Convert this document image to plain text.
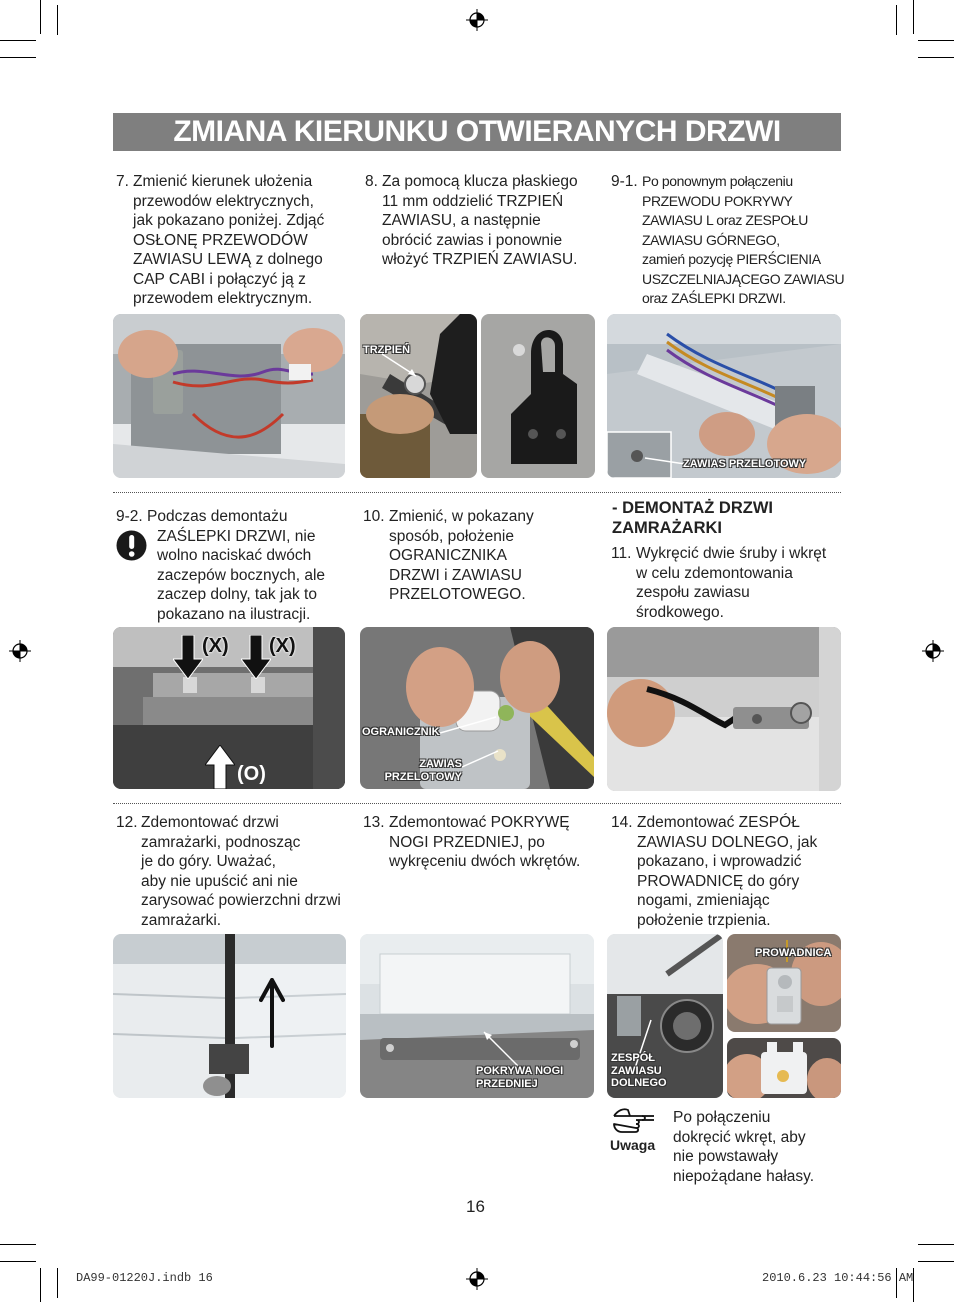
ZMIANA KIERUNKU OTWIERANYCH DRZWI
7. Zmienić kierunek ułożenia
przewodów elektrycznych,
jak pokazano poniżej. Zdjąć
OSŁONĘ PRZEWODÓW
ZAWIASU LEWĄ z dolnego
CAP CABI i połączyć ją z
przewodem elektrycznym.
8. Za pomocą klucza płaskiego
11 mm oddzielić TRZPIEŃ
ZAWIASU, a następnie
obrócić zawias i ponownie
włożyć TRZPIEŃ ZAWIASU.
9-1. Po ponownym połączeniu
PRZEWODU POKRYWY
ZAWIASU L oraz ZESPOŁU
ZAWIASU GÓRNEGO,
zamień pozycję PIERŚCIENIA
USZCZELNIAJĄCEGO ZAWIASU
oraz ZAŚLEPKI DRZWI.
ZAWIAS PRZELOTOWY
TRZPIEŃ
9-2. Podczas demontażu
ZAŚLEPKI DRZWI, nie
wolno naciskać dwóch
zaczepów bocznych, ale
zaczep dolny, tak jak to
pokazano na ilustracji.
10. Zmienić, w pokazany
sposób, położenie
OGRANICZNIKA
DRZWI i ZAWIASU
PRZELOTOWEGO.
- DEMONTAŻ DRZWI
ZAMRAŻARKI
11. Wykręcić dwie śruby i wkręt
w celu zdemontowania
zespołu zawiasu
środkowego.
(X) (X)
(O)
OGRANICZNIK
ZAWIAS
PRZELOTOWY
12. Zdemontować drzwi
zamrażarki, podnosząc
je do góry. Uważać,
aby nie upuścić ani nie
zarysować powierzchni drzwi
zamrażarki.
13. Zdemontować POKRYWĘ
NOGI PRZEDNIEJ, po
wykręceniu dwóch wkrętów.
14. Zdemontować ZESPÓŁ
ZAWIASU DOLNEGO, jak
pokazano, i wprowadzić
PROWADNICĘ do góry
nogami, zmieniając
położenie trzpienia.
POKRYWA NOGI
PRZEDNIEJ
ZESPÓŁ
ZAWIASU
DOLNEGO
PROWADNICA
Uwaga
Po połączeniu
dokręcić wkręt, aby
nie powstawały
niepożądane hałasy.
16
DA99-01220J.indb 16	2010.6.23 10:44:56 AM
